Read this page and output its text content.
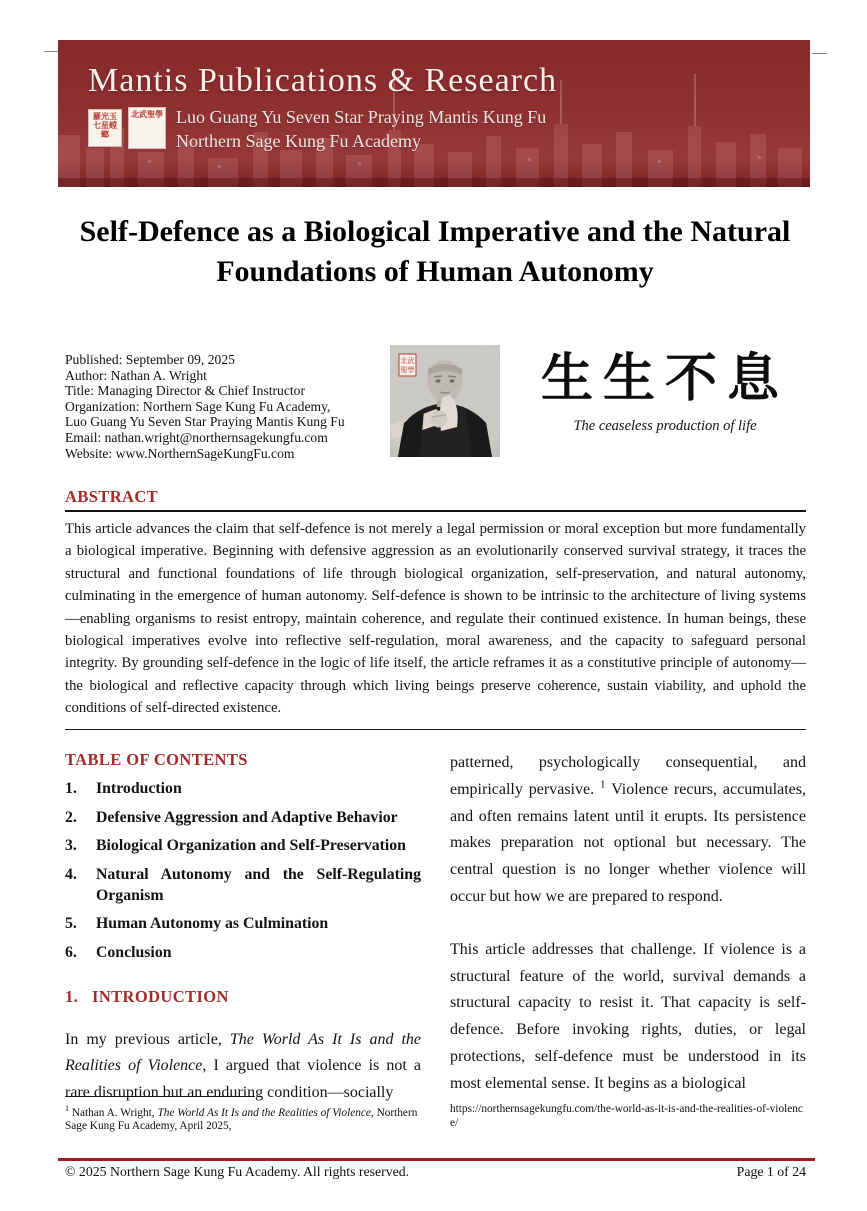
Mantis Publications & Research
羅光玉七星螳螂
北武聖學 Luo Guang Yu Seven Star Praying Mantis Kung Fu
Northern Sage Kung Fu Academy
Self-Defence as a Biological Imperative and the Natural Foundations of Human Autonomy
Published: September 09, 2025
Author: Nathan A. Wright
Title: Managing Director & Chief Instructor
Organization: Northern Sage Kung Fu Academy,
Luo Guang Yu Seven Star Praying Mantis Kung Fu
Email: nathan.wright@northernsagekungfu.com
Website: www.NorthernSageKungFu.com
北武
聖學	生生不息
The ceaseless production of life
ABSTRACT

This article advances the claim that self-defence is not merely a legal permission or moral exception but more fundamentally a biological imperative. Beginning with defensive aggression as an evolutionarily conserved survival strategy, it traces the structural and functional foundations of life through biological organization, self-preservation, and natural autonomy, culminating in the emergence of human autonomy. Self-defence is shown to be intrinsic to the architecture of living systems—enabling organisms to resist entropy, maintain coherence, and regulate their continued existence. In human beings, these biological imperatives evolve into reflective self-regulation, moral awareness, and the capacity to safeguard personal integrity. By grounding self-defence in the logic of life itself, the article reframes it as a constitutive principle of autonomy—the biological and reflective capacity through which living beings preserve coherence, sustain viability, and uphold the conditions of self-directed existence.

TABLE OF CONTENTS
1.	Introduction
2.	Defensive Aggression and Adaptive Behavior
3.	Biological Organization and Self-Preservation
4.	Natural Autonomy and the Self-Regulating Organism
5.	Human Autonomy as Culmination
6.	Conclusion
1. INTRODUCTION

In my previous article, The World As It Is and the Realities of Violence, I argued that violence is not a rare disruption but an enduring condition—socially

patterned, psychologically consequential, and empirically pervasive. $^1$ Violence recurs, accumulates, and often remains latent until it erupts. Its persistence makes preparation not optional but necessary. The central question is no longer whether violence will occur but how we are prepared to respond.

This article addresses that challenge. If violence is a structural feature of the world, survival demands a structural capacity to resist it. That capacity is self-defence. Before invoking rights, duties, or legal protections, self-defence must be understood in its most elemental sense. It begins as a biological

$^1$ Nathan A. Wright, The World As It Is and the Realities of Violence, Northern Sage Kung Fu Academy, April 2025,
https://northernsagekungfu.com/the-world-as-it-is-and-the-realities-of-violence/
© 2025 Northern Sage Kung Fu Academy. All rights reserved.	Page 1 of 24
